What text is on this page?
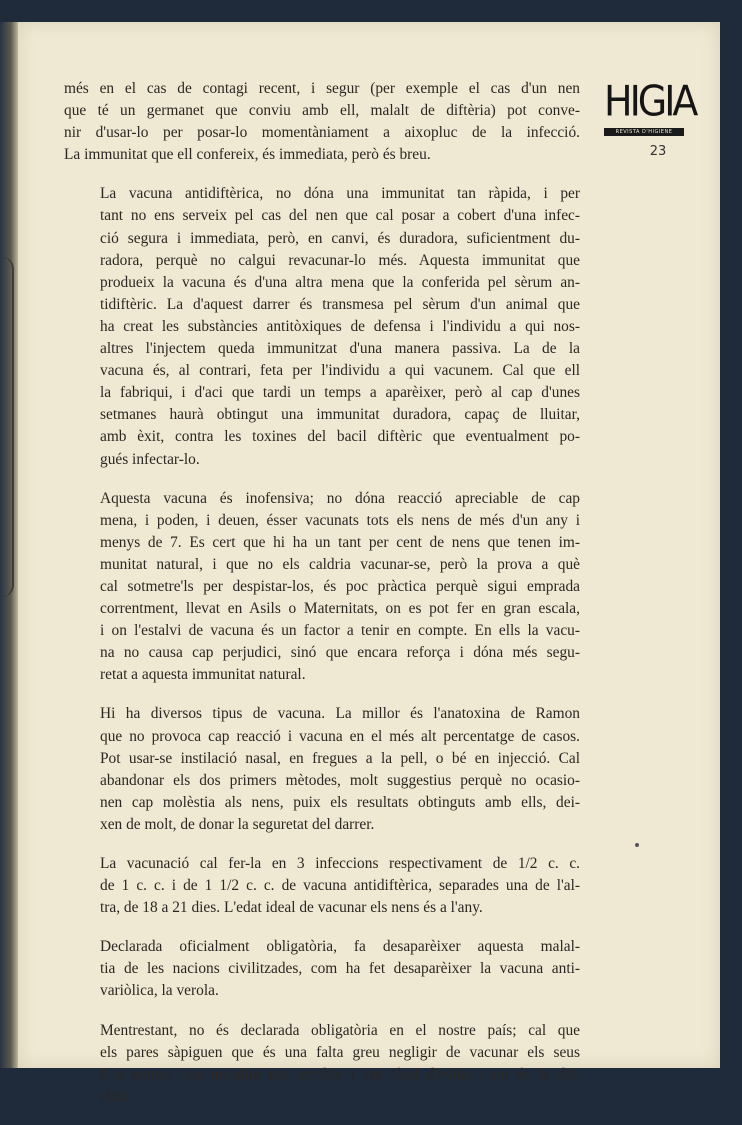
HIGIA
REVISTA D'HIGIENE
23

més en el cas de contagi recent, i segur (per exemple el cas d'un nen
que té un germanet que conviu amb ell, malalt de diftèria) pot conve-
nir d'usar-lo per posar-lo momentàniament a aixopluc de la infecció.
La immunitat que ell confereix, és immediata, però és breu.

La vacuna antidiftèrica, no dóna una immunitat tan ràpida, i per
tant no ens serveix pel cas del nen que cal posar a cobert d'una infec-
ció segura i immediata, però, en canvi, és duradora, suficientment du-
radora, perquè no calgui revacunar-lo més. Aquesta immunitat que
produeix la vacuna és d'una altra mena que la conferida pel sèrum an-
tidiftèric. La d'aquest darrer és transmesa pel sèrum d'un animal que
ha creat les substàncies antitòxiques de defensa i l'individu a qui nos-
altres l'injectem queda immunitzat d'una manera passiva. La de la
vacuna és, al contrari, feta per l'individu a qui vacunem. Cal que ell
la fabriqui, i d'aci que tardi un temps a aparèixer, però al cap d'unes
setmanes haurà obtingut una immunitat duradora, capaç de lluitar,
amb èxit, contra les toxines del bacil diftèric que eventualment po-
gués infectar-lo.

Aquesta vacuna és inofensiva; no dóna reacció apreciable de cap
mena, i poden, i deuen, ésser vacunats tots els nens de més d'un any i
menys de 7. Es cert que hi ha un tant per cent de nens que tenen im-
munitat natural, i que no els caldria vacunar-se, però la prova a què
cal sotmetre'ls per despistar-los, és poc pràctica perquè sigui emprada
correntment, llevat en Asils o Maternitats, on es pot fer en gran escala,
i on l'estalvi de vacuna és un factor a tenir en compte. En ells la vacu-
na no causa cap perjudici, sinó que encara reforça i dóna més segu-
retat a aquesta immunitat natural.

Hi ha diversos tipus de vacuna. La millor és l'anatoxina de Ramon
que no provoca cap reacció i vacuna en el més alt percentatge de casos.
Pot usar-se instilació nasal, en fregues a la pell, o bé en injecció. Cal
abandonar els dos primers mètodes, molt suggestius perquè no ocasio-
nen cap molèstia als nens, puix els resultats obtinguts amb ells, dei-
xen de molt, de donar la seguretat del darrer.

La vacunació cal fer-la en 3 infeccions respectivament de 1/2 c. c.
de 1 c. c. i de 1 1/2 c. c. de vacuna antidiftèrica, separades una de l'al-
tra, de 18 a 21 dies. L'edat ideal de vacunar els nens és a l'any.

Declarada oficialment obligatòria, fa desaparèixer aquesta malal-
tia de les nacions civilitzades, com ha fet desaparèixer la vacuna anti-
variòlica, la verola.

Mentrestant, no és declarada obligatòria en el nostre país; cal que
els pares sàpiguen que és una falta greu negligir de vacunar els seus
fills contra una malaltia tan temible i tan fàcil d'evitar com és la dif-
tèria.
